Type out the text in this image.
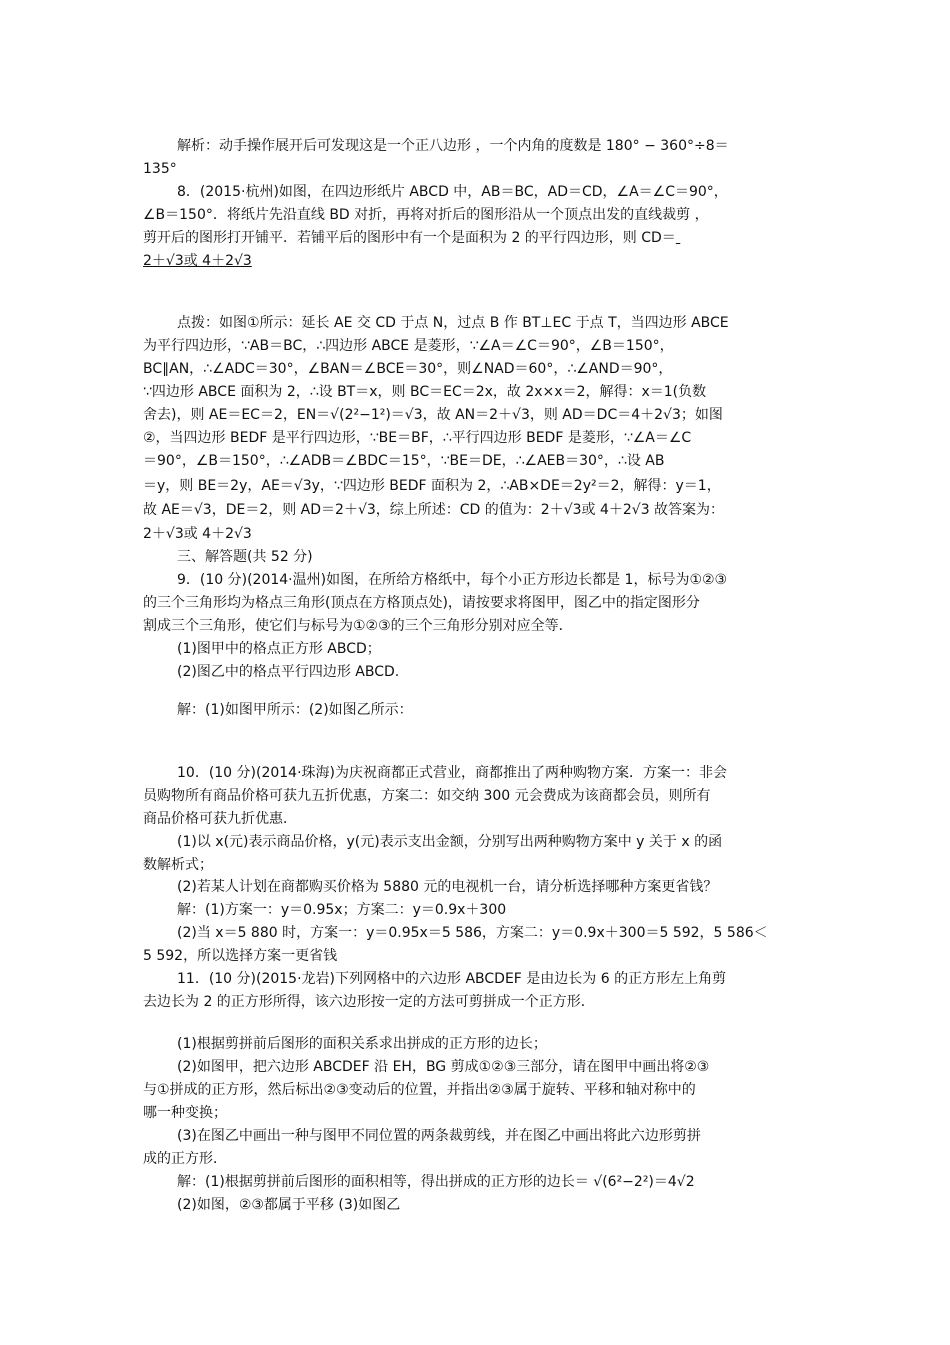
解析：动手操作展开后可发现这是一个正八边形 ，一个内角的度数是 180° − 360°÷8＝
135°
8．(2015·杭州)如图，在四边形纸片 ABCD 中，AB＝BC，AD＝CD，∠A＝∠C＝90°，
∠B＝150°．将纸片先沿直线 BD 对折，再将对折后的图形沿从一个顶点出发的直线裁剪 ，
剪开后的图形打开铺平．若铺平后的图形中有一个是面积为 2 的平行四边形，则 CD＝
2＋√3或 4＋2√3
点拨：如图①所示：延长 AE 交 CD 于点 N，过点 B 作 BT⊥EC 于点 T，当四边形 ABCE
为平行四边形，∵AB＝BC，∴四边形 ABCE 是菱形，∵∠A＝∠C＝90°，∠B＝150°，
BC∥AN，∴∠ADC＝30°，∠BAN＝∠BCE＝30°，则∠NAD＝60°，∴∠AND＝90°，
∵四边形 ABCE 面积为 2，∴设 BT＝x，则 BC＝EC＝2x，故 2x×x＝2，解得：x＝1(负数
舍去)，则 AE＝EC＝2，EN＝√(2²−1²)＝√3，故 AN＝2＋√3，则 AD＝DC＝4＋2√3；如图
②，当四边形 BEDF 是平行四边形，∵BE＝BF，∴平行四边形 BEDF 是菱形，∵∠A＝∠C
＝90°，∠B＝150°，∴∠ADB＝∠BDC＝15°，∵BE＝DE，∴∠AEB＝30°，∴设 AB
＝y，则 BE＝2y，AE＝√3y，∵四边形 BEDF 面积为 2，∴AB×DE＝2y²＝2，解得：y＝1，
故 AE＝√3，DE＝2，则 AD＝2＋√3，综上所述：CD 的值为：2＋√3或 4＋2√3 故答案为：
2＋√3或 4＋2√3
三、解答题(共 52 分)
9．(10 分)(2014·温州)如图，在所给方格纸中，每个小正方形边长都是 1，标号为①②③
的三个三角形均为格点三角形(顶点在方格顶点处)，请按要求将图甲，图乙中的指定图形分
割成三个三角形，使它们与标号为①②③的三个三角形分别对应全等．
(1)图甲中的格点正方形 ABCD；
(2)图乙中的格点平行四边形 ABCD.
解：(1)如图甲所示：(2)如图乙所示：
10．(10 分)(2014·珠海)为庆祝商都正式营业，商都推出了两种购物方案．方案一：非会
员购物所有商品价格可获九五折优惠，方案二：如交纳 300 元会费成为该商都会员，则所有
商品价格可获九折优惠．
(1)以 x(元)表示商品价格，y(元)表示支出金额，分别写出两种购物方案中 y 关于 x 的函
数解析式；
(2)若某人计划在商都购买价格为 5880 元的电视机一台，请分析选择哪种方案更省钱？
解：(1)方案一：y＝0.95x；方案二：y＝0.9x＋300
(2)当 x＝5 880 时，方案一：y＝0.95x＝5 586，方案二：y＝0.9x＋300＝5 592，5 586＜
5 592，所以选择方案一更省钱
11．(10 分)(2015·龙岩)下列网格中的六边形 ABCDEF 是由边长为 6 的正方形左上角剪
去边长为 2 的正方形所得，该六边形按一定的方法可剪拼成一个正方形．
(1)根据剪拼前后图形的面积关系求出拼成的正方形的边长；
(2)如图甲，把六边形 ABCDEF 沿 EH，BG 剪成①②③三部分，请在图甲中画出将②③
与①拼成的正方形，然后标出②③变动后的位置，并指出②③属于旋转、平移和轴对称中的
哪一种变换；
(3)在图乙中画出一种与图甲不同位置的两条裁剪线，并在图乙中画出将此六边形剪拼
成的正方形．
解：(1)根据剪拼前后图形的面积相等，得出拼成的正方形的边长＝ √(6²−2²)＝4√2
(2)如图，②③都属于平移 (3)如图乙
